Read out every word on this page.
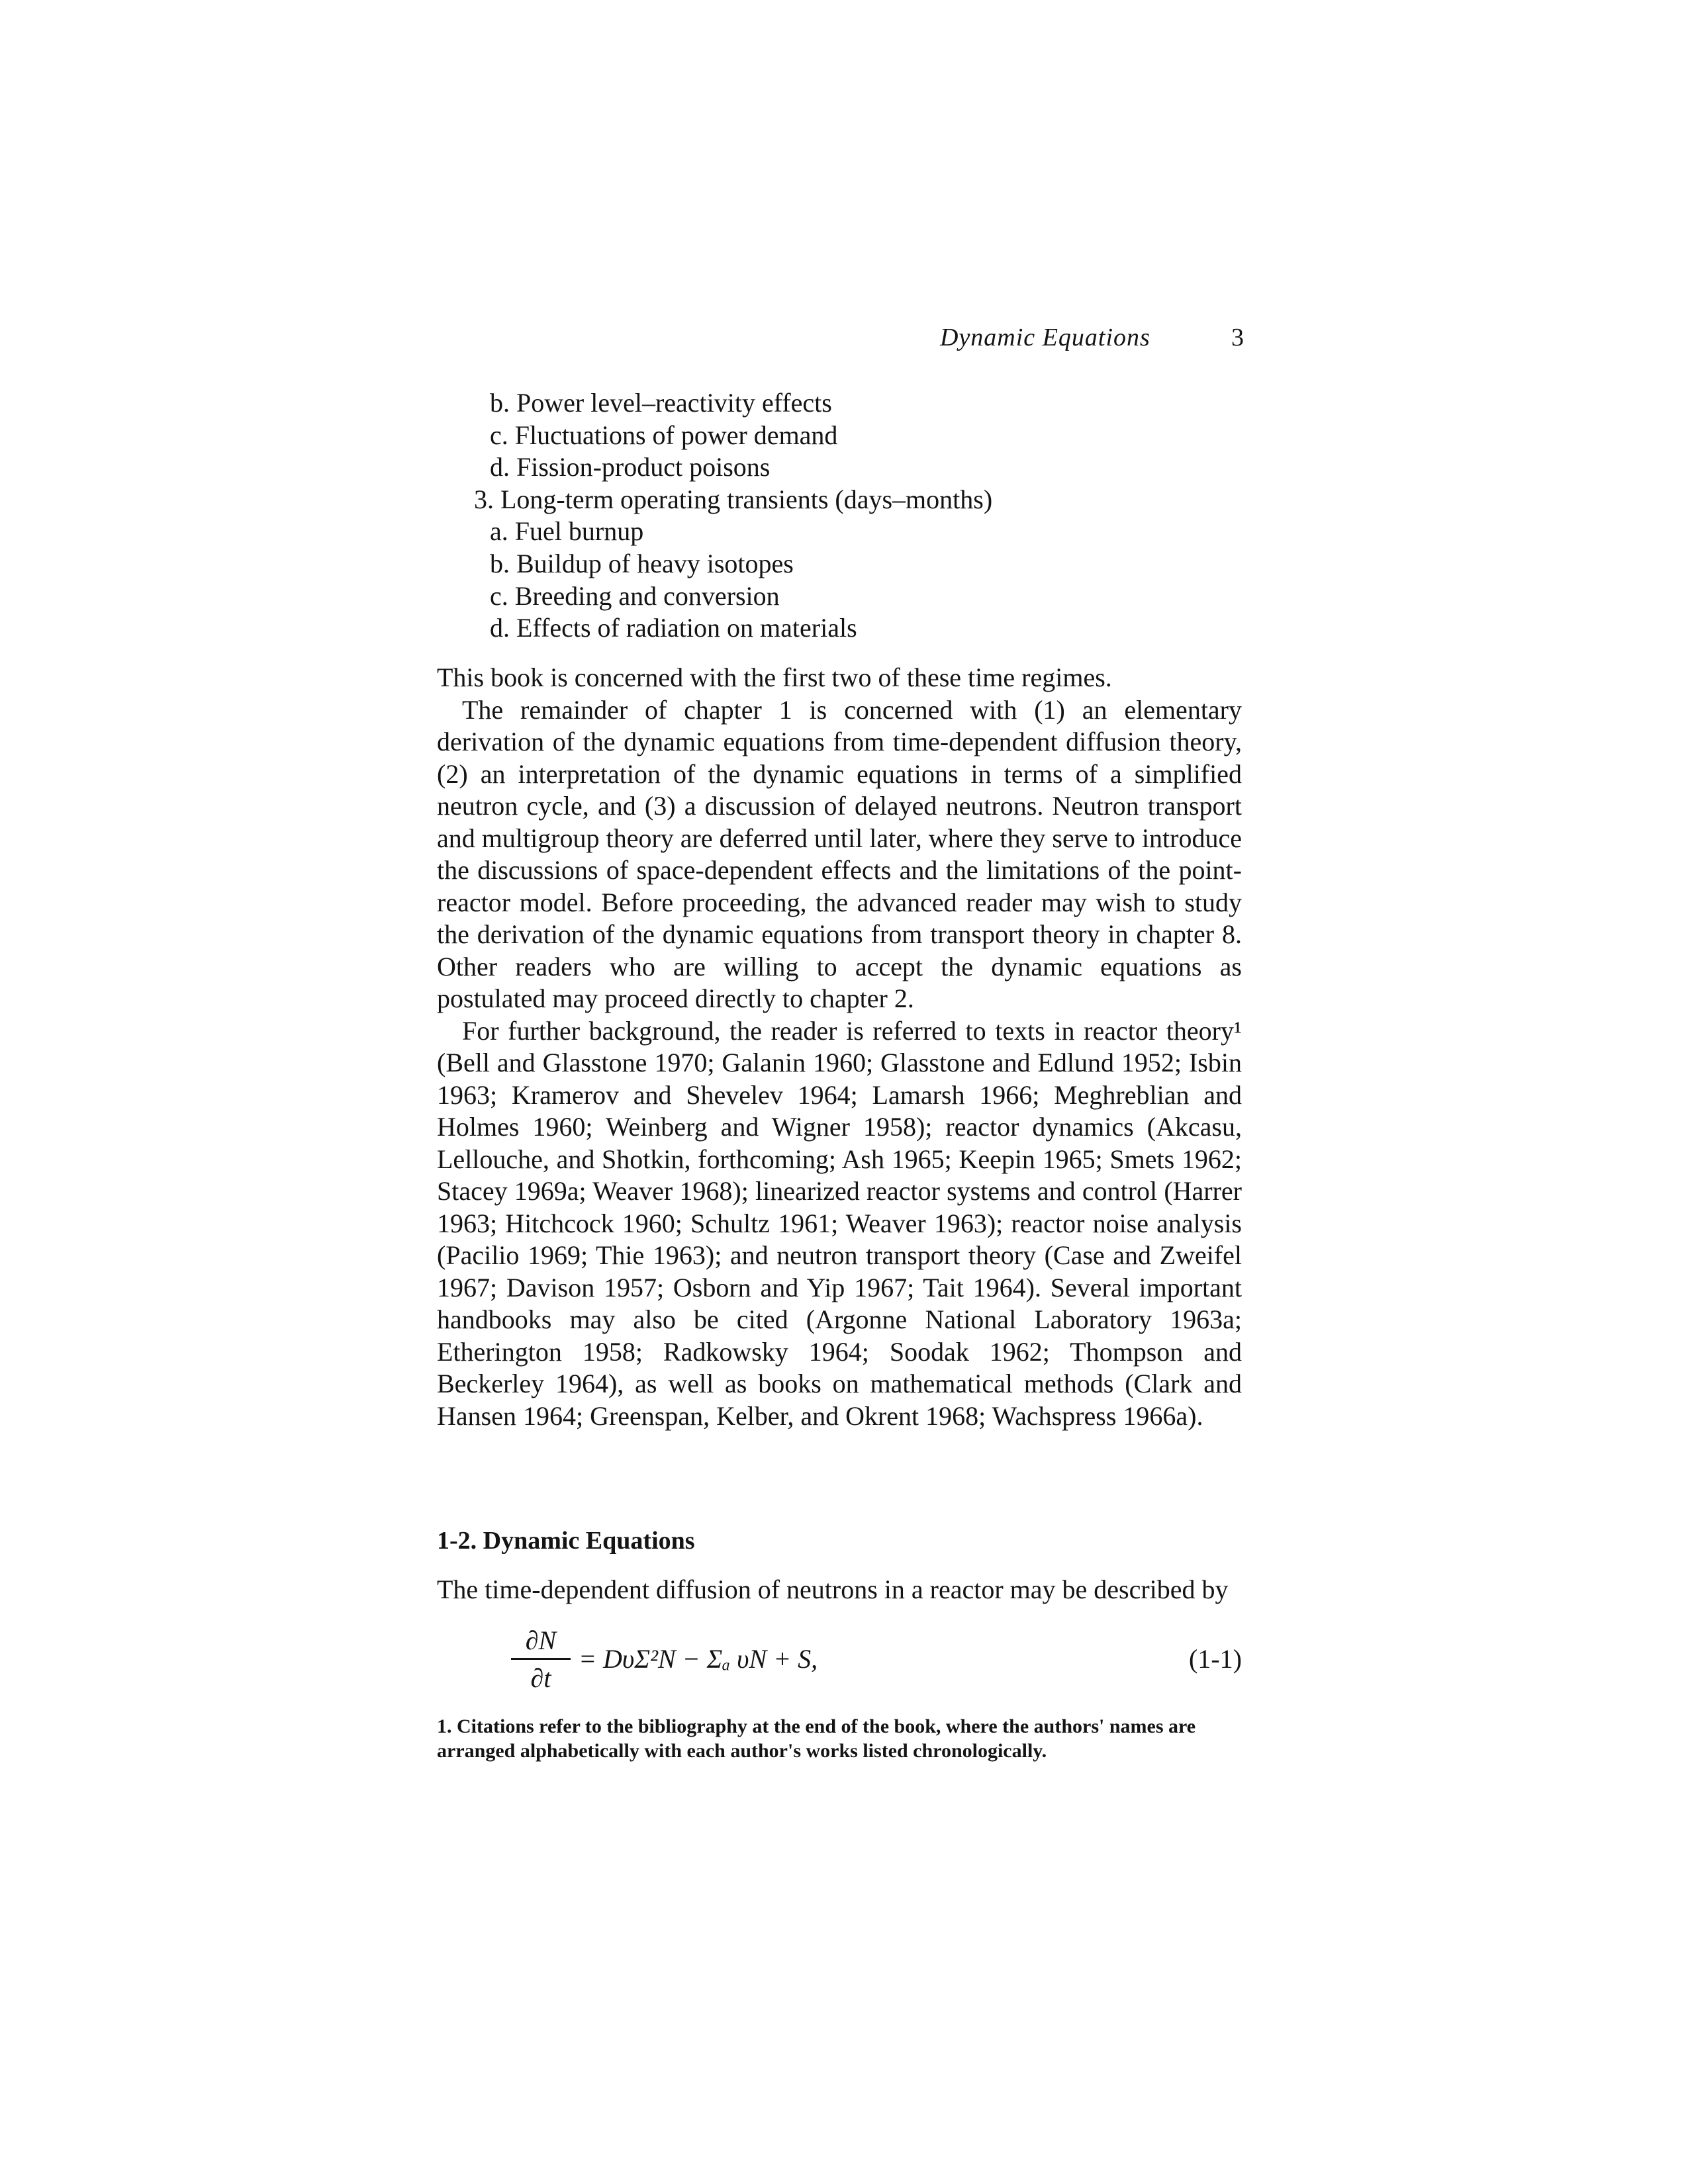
Dynamic Equations	3
b. Power level–reactivity effects
c. Fluctuations of power demand
d. Fission-product poisons
3. Long-term operating transients (days–months)
a. Fuel burnup
b. Buildup of heavy isotopes
c. Breeding and conversion
d. Effects of radiation on materials

This book is concerned with the first two of these time regimes.

The remainder of chapter 1 is concerned with (1) an elementary derivation of the dynamic equations from time-dependent diffusion theory, (2) an interpretation of the dynamic equations in terms of a simplified neutron cycle, and (3) a discussion of delayed neutrons. Neutron transport and multigroup theory are deferred until later, where they serve to introduce the discussions of space-dependent effects and the limitations of the point-reactor model. Before proceeding, the advanced reader may wish to study the derivation of the dynamic equations from transport theory in chapter 8. Other readers who are willing to accept the dynamic equations as postulated may proceed directly to chapter 2.

For further background, the reader is referred to texts in reactor theory¹ (Bell and Glasstone 1970; Galanin 1960; Glasstone and Edlund 1952; Isbin 1963; Kramerov and Shevelev 1964; Lamarsh 1966; Meghreblian and Holmes 1960; Weinberg and Wigner 1958); reactor dynamics (Akcasu, Lellouche, and Shotkin, forthcoming; Ash 1965; Keepin 1965; Smets 1962; Stacey 1969a; Weaver 1968); linearized reactor systems and control (Harrer 1963; Hitchcock 1960; Schultz 1961; Weaver 1963); reactor noise analysis (Pacilio 1969; Thie 1963); and neutron transport theory (Case and Zweifel 1967; Davison 1957; Osborn and Yip 1967; Tait 1964). Several important handbooks may also be cited (Argonne National Laboratory 1963a; Etherington 1958; Radkowsky 1964; Soodak 1962; Thompson and Beckerley 1964), as well as books on mathematical methods (Clark and Hansen 1964; Greenspan, Kelber, and Okrent 1968; Wachspress 1966a).

1-2. Dynamic Equations
The time-dependent diffusion of neutrons in a reactor may be described by
∂N
∂t
= DυΣ²N − Σₐ υN + S,	(1-1)
1. Citations refer to the bibliography at the end of the book, where the authors' names are arranged alphabetically with each author's works listed chronologically.
